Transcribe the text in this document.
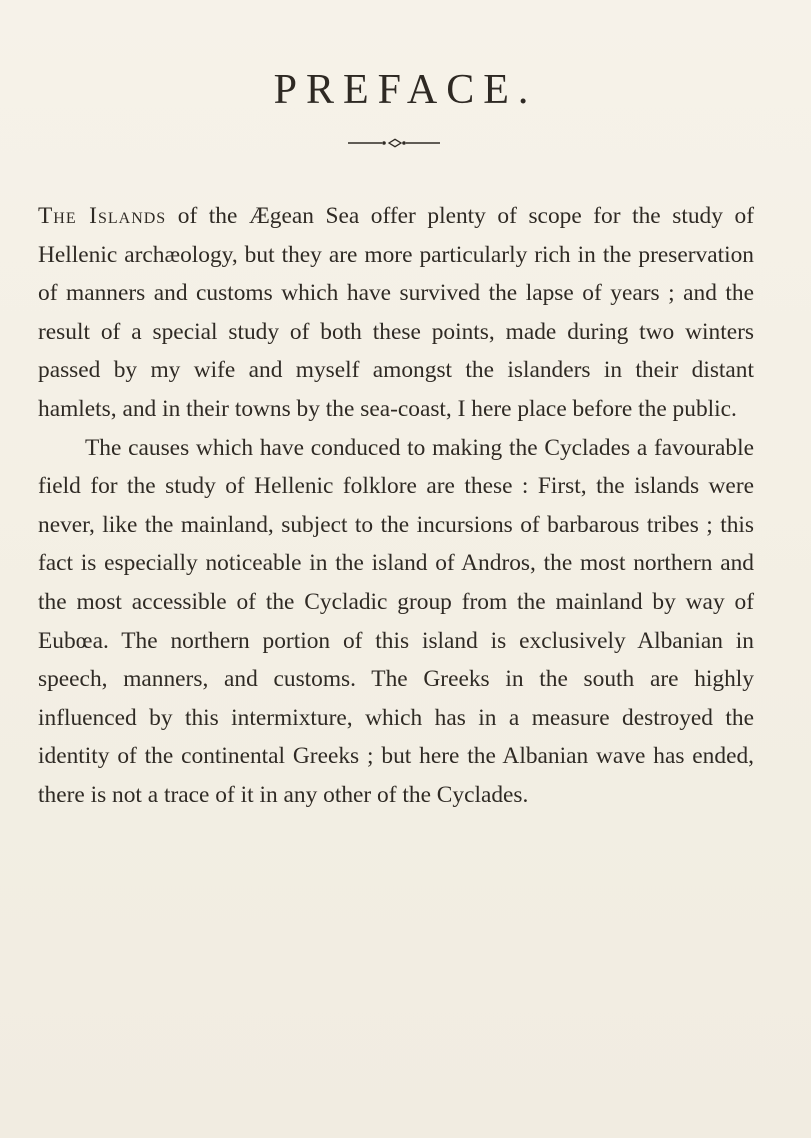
PREFACE.

The Islands of the Ægean Sea offer plenty of scope for the study of Hellenic archæology, but they are more particularly rich in the preservation of manners and customs which have survived the lapse of years ; and the result of a special study of both these points, made during two winters passed by my wife and myself amongst the islanders in their distant hamlets, and in their towns by the sea-coast, I here place before the public.

The causes which have conduced to making the Cyclades a favourable field for the study of Hellenic folklore are these : First, the islands were never, like the mainland, subject to the incursions of barbarous tribes ; this fact is especially noticeable in the island of Andros, the most northern and the most accessible of the Cycladic group from the mainland by way of Eubœa. The northern portion of this island is exclusively Albanian in speech, manners, and customs. The Greeks in the south are highly influenced by this intermixture, which has in a measure destroyed the identity of the continental Greeks ; but here the Albanian wave has ended, there is not a trace of it in any other of the Cyclades.
